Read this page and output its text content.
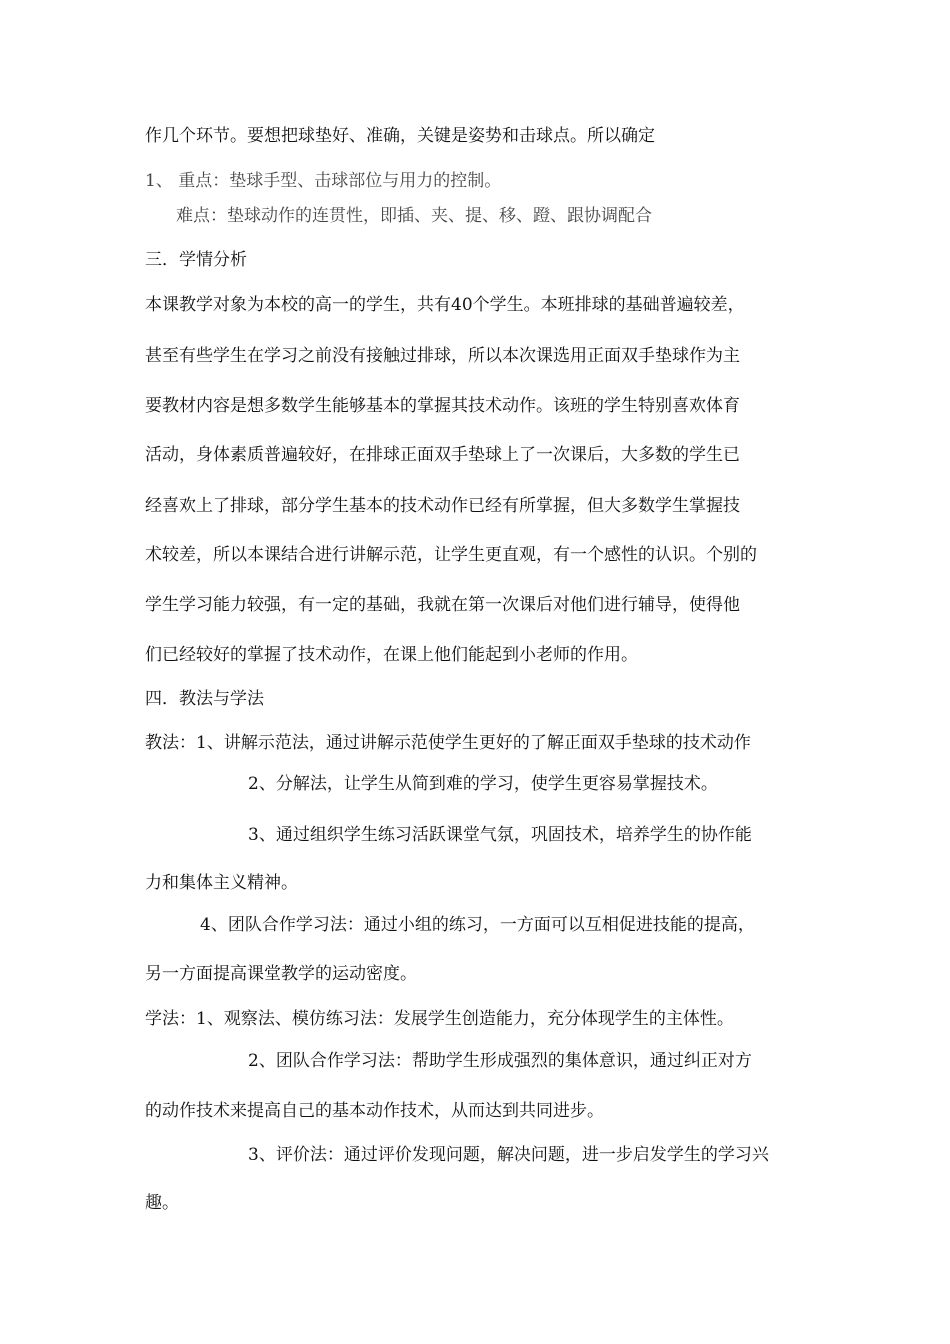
作几个环节。要想把球垫好、准确，关键是姿势和击球点。所以确定
1、 重点：垫球手型、击球部位与用力的控制。
难点：垫球动作的连贯性，即插、夹、提、移、蹬、跟协调配合
三．学情分析
本课教学对象为本校的高一的学生，共有40个学生。本班排球的基础普遍较差，
甚至有些学生在学习之前没有接触过排球，所以本次课选用正面双手垫球作为主
要教材内容是想多数学生能够基本的掌握其技术动作。该班的学生特别喜欢体育
活动，身体素质普遍较好，在排球正面双手垫球上了一次课后，大多数的学生已
经喜欢上了排球，部分学生基本的技术动作已经有所掌握，但大多数学生掌握技
术较差，所以本课结合进行讲解示范，让学生更直观，有一个感性的认识。个别的
学生学习能力较强，有一定的基础，我就在第一次课后对他们进行辅导，使得他
们已经较好的掌握了技术动作，在课上他们能起到小老师的作用。
四．教法与学法
教法：1、讲解示范法，通过讲解示范使学生更好的了解正面双手垫球的技术动作
2、分解法，让学生从简到难的学习，使学生更容易掌握技术。
3、通过组织学生练习活跃课堂气氛，巩固技术，培养学生的协作能
力和集体主义精神。
4、团队合作学习法：通过小组的练习，一方面可以互相促进技能的提高，
另一方面提高课堂教学的运动密度。
学法：1、观察法、模仿练习法：发展学生创造能力，充分体现学生的主体性。
2、团队合作学习法：帮助学生形成强烈的集体意识，通过纠正对方
的动作技术来提高自己的基本动作技术，从而达到共同进步。
3、评价法：通过评价发现问题，解决问题，进一步启发学生的学习兴
趣。
